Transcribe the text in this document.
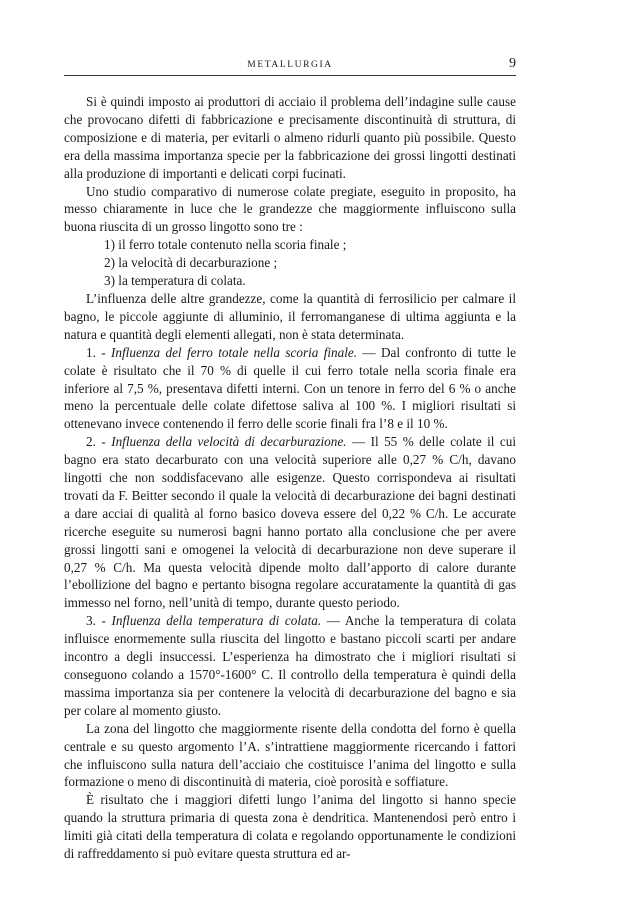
METALLURGIA	9

Si è quindi imposto ai produttori di acciaio il problema dell’indagine sulle cause che provocano difetti di fabbricazione e precisamente discontinuità di struttura, di composizione e di materia, per evitarli o almeno ridurli quanto più possibile. Questo era della massima importanza specie per la fabbricazione dei grossi lingotti destinati alla produzione di importanti e delicati corpi fucinati.

Uno studio comparativo di numerose colate pregiate, eseguito in proposito, ha messo chiaramente in luce che le grandezze che maggiormente influiscono sulla buona riuscita di un grosso lingotto sono tre :

1) il ferro totale contenuto nella scoria finale ;

2) la velocità di decarburazione ;

3) la temperatura di colata.

L’influenza delle altre grandezze, come la quantità di ferrosilicio per calmare il bagno, le piccole aggiunte di alluminio, il ferromanganese di ultima aggiunta e la natura e quantità degli elementi allegati, non è stata determinata.

1. - Influenza del ferro totale nella scoria finale. — Dal confronto di tutte le colate è risultato che il 70 % di quelle il cui ferro totale nella scoria finale era inferiore al 7,5 %, presentava difetti interni. Con un tenore in ferro del 6 % o anche meno la percentuale delle colate difettose saliva al 100 %. I migliori risultati si ottenevano invece contenendo il ferro delle scorie finali fra l’8 e il 10 %.

2. - Influenza della velocità di decarburazione. — Il 55 % delle colate il cui bagno era stato decarburato con una velocità superiore alle 0,27 % C/h, davano lingotti che non soddisfacevano alle esigenze. Questo corrispondeva ai risultati trovati da F. Beitter secondo il quale la velocità di decarburazione dei bagni destinati a dare acciai di qualità al forno basico doveva essere del 0,22 % C/h. Le accurate ricerche eseguite su numerosi bagni hanno portato alla conclusione che per avere grossi lingotti sani e omogenei la velocità di decarburazione non deve superare il 0,27 % C/h. Ma questa velocità dipende molto dall’apporto di calore durante l’ebollizione del bagno e pertanto bisogna regolare accuratamente la quantità di gas immesso nel forno, nell’unità di tempo, durante questo periodo.

3. - Influenza della temperatura di colata. — Anche la temperatura di colata influisce enormemente sulla riuscita del lingotto e bastano piccoli scarti per andare incontro a degli insuccessi. L’esperienza ha dimostrato che i migliori risultati si conseguono colando a 1570°-1600° C. Il controllo della temperatura è quindi della massima importanza sia per contenere la velocità di decarburazione del bagno e sia per colare al momento giusto.

La zona del lingotto che maggiormente risente della condotta del forno è quella centrale e su questo argomento l’A. s’intrattiene maggiormente ricercando i fattori che influiscono sulla natura dell’acciaio che costituisce l’anima del lingotto e sulla formazione o meno di discontinuità di materia, cioè porosità e soffiature.

È risultato che i maggiori difetti lungo l’anima del lingotto si hanno specie quando la struttura primaria di questa zona è dendritica. Mantenendosi però entro i limiti già citati della temperatura di colata e regolando opportunamente le condizioni di raffreddamento si può evitare questa struttura ed ar-
